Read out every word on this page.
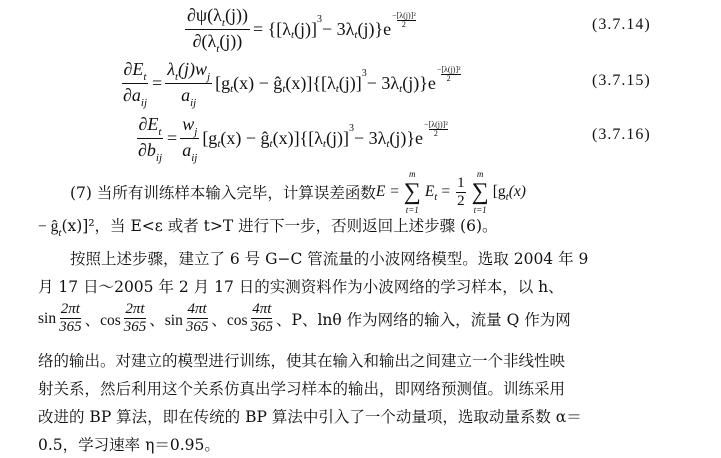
$\frac{\partial\psi(\lambda_t(j))}{\partial(\lambda_t(j))} = \{[\lambda$ t (j)] 3 − 3λ t (j)}e
−[λ(j)]²
2	(3.7.14)
$\frac{\partial E_t}{\partial a_{ij}} = \frac{\lambda_t(j)w_j}{a_{ij}} [g$ t (x) − ĝ t (x)]{[λ t (j)] 3 − 3λ t (j)}e
−[λ(j)]²
2	(3.7.15)
$\frac{\partial E_t}{\partial b_{ij}} = \frac{w_j}{a_{ij}} [g$ t (x) − ĝ t (x)]{[λ t (j)] 3 − 3λ t (j)}e
−[λ(j)]²
2	(3.7.16)
(7) 当所有训练样本输入完毕，计算误差函数 E =
m
∑
t=1
E $t = \frac{1}{2}$
m
∑
t=1
[g t (x)
− $ĝ_t(x)]^2$，当 E<ε 或者 t>T 进行下一步，否则返回上述步骤 (6)。
按照上述步骤，建立了 6 号 G−C 管流量的小波网络模型。选取 2004 年 9
月 17 日～2005 年 2 月 17 日的实测资料作为小波网络的学习样本，以 h、
$\sin \frac{2\pi t}{365}$ 、$\cos \frac{2\pi t}{365}$ 、$\sin \frac{4\pi t}{365}$ 、$\cos \frac{4\pi t}{365}$ 、P、lnθ 作为网络的输入，流量 Q 作为网
络的输出。对建立的模型进行训练，使其在输入和输出之间建立一个非线性映
射关系，然后利用这个关系仿真出学习样本的输出，即网络预测值。训练采用
改进的 BP 算法，即在传统的 BP 算法中引入了一个动量项，选取动量系数 α＝
0.5，学习速率 η＝0.95。
